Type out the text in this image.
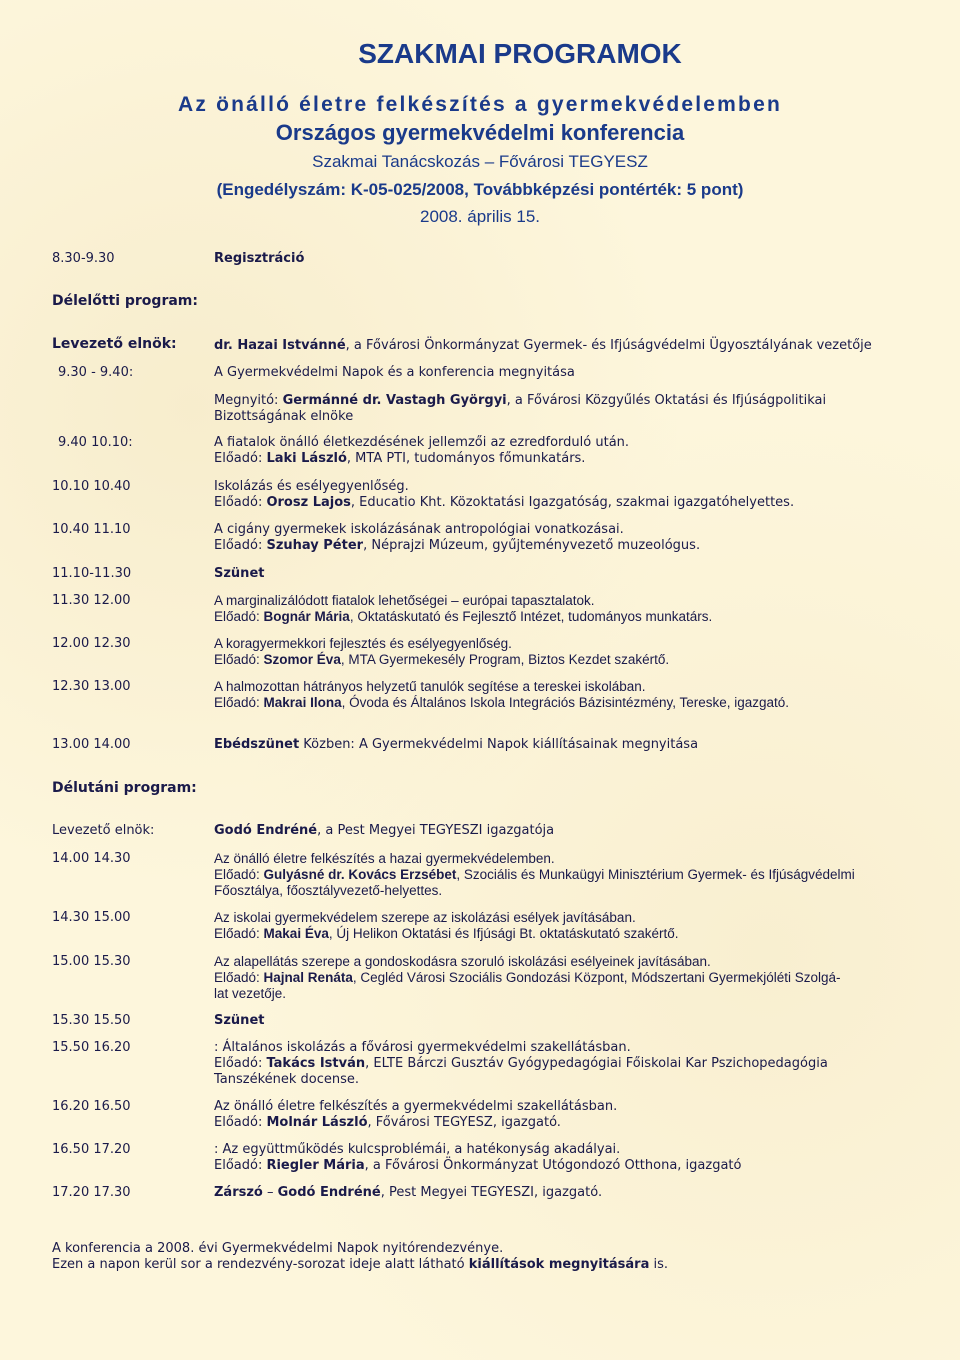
SZAKMAI PROGRAMOK

Az önálló életre felkészítés a gyermekvédelemben

Országos gyermekvédelmi konferencia

Szakmai Tanácskozás – Fővárosi TEGYESZ

(Engedélyszám: K-05-025/2008, Továbbképzési pontérték: 5 pont)

2008. április 15.

8.30-9.30	Regisztráció
Délelőtti program:
Levezető elnök:	dr. Hazai Istvánné, a Fővárosi Önkormányzat Gyermek- és Ifjúságvédelmi Ügyosztályának vezetője
9.30 - 9.40:	A Gyermekvédelmi Napok és a konferencia megnyitása
Megnyitó: Germánné dr. Vastagh Györgyi, a Fővárosi Közgyűlés Oktatási és Ifjúságpolitikai
Bizottságának elnöke
9.40 10.10:	A fiatalok önálló életkezdésének jellemzői az ezredforduló után.
Előadó: Laki László, MTA PTI, tudományos főmunkatárs.
10.10 10.40	Iskolázás és esélyegyenlőség.
Előadó: Orosz Lajos, Educatio Kht. Közoktatási Igazgatóság, szakmai igazgatóhelyettes.
10.40 11.10	A cigány gyermekek iskolázásának antropológiai vonatkozásai.
Előadó: Szuhay Péter, Néprajzi Múzeum, gyűjteményvezető muzeológus.
11.10-11.30	Szünet
11.30 12.00	A marginalizálódott fiatalok lehetőségei – európai tapasztalatok.
Előadó: Bognár Mária, Oktatáskutató és Fejlesztő Intézet, tudományos munkatárs.
12.00 12.30	A koragyermekkori fejlesztés és esélyegyenlőség.
Előadó: Szomor Éva, MTA Gyermekesély Program, Biztos Kezdet szakértő.
12.30 13.00	A halmozottan hátrányos helyzetű tanulók segítése a tereskei iskolában.
Előadó: Makrai Ilona, Óvoda és Általános Iskola Integrációs Bázisintézmény, Tereske, igazgató.
13.00 14.00	Ebédszünet Közben: A Gyermekvédelmi Napok kiállításainak megnyitása
Délutáni program:
Levezető elnök:	Godó Endréné, a Pest Megyei TEGYESZI igazgatója
14.00 14.30	Az önálló életre felkészítés a hazai gyermekvédelemben.
Előadó: Gulyásné dr. Kovács Erzsébet, Szociális és Munkaügyi Minisztérium Gyermek- és Ifjúságvédelmi
Főosztálya, főosztályvezető-helyettes.
14.30 15.00	Az iskolai gyermekvédelem szerepe az iskolázási esélyek javításában.
Előadó: Makai Éva, Új Helikon Oktatási és Ifjúsági Bt. oktatáskutató szakértő.
15.00 15.30	Az alapellátás szerepe a gondoskodásra szoruló iskolázási esélyeinek javításában.
Előadó: Hajnal Renáta, Cegléd Városi Szociális Gondozási Központ, Módszertani Gyermekjóléti Szolgá-
lat vezetője.
15.30 15.50	Szünet
15.50 16.20	: Általános iskolázás a fővárosi gyermekvédelmi szakellátásban.
Előadó: Takács István, ELTE Bárczi Gusztáv Gyógypedagógiai Főiskolai Kar Pszichopedagógia
Tanszékének docense.
16.20 16.50	Az önálló életre felkészítés a gyermekvédelmi szakellátásban.
Előadó: Molnár László, Fővárosi TEGYESZ, igazgató.
16.50 17.20	: Az együttműködés kulcsproblémái, a hatékonyság akadályai.
Előadó: Riegler Mária, a Fővárosi Önkormányzat Utógondozó Otthona, igazgató
17.20 17.30	Zárszó – Godó Endréné, Pest Megyei TEGYESZI, igazgató.
A konferencia a 2008. évi Gyermekvédelmi Napok nyitórendezvénye.
Ezen a napon kerül sor a rendezvény-sorozat ideje alatt látható kiállítások megnyitására is.
